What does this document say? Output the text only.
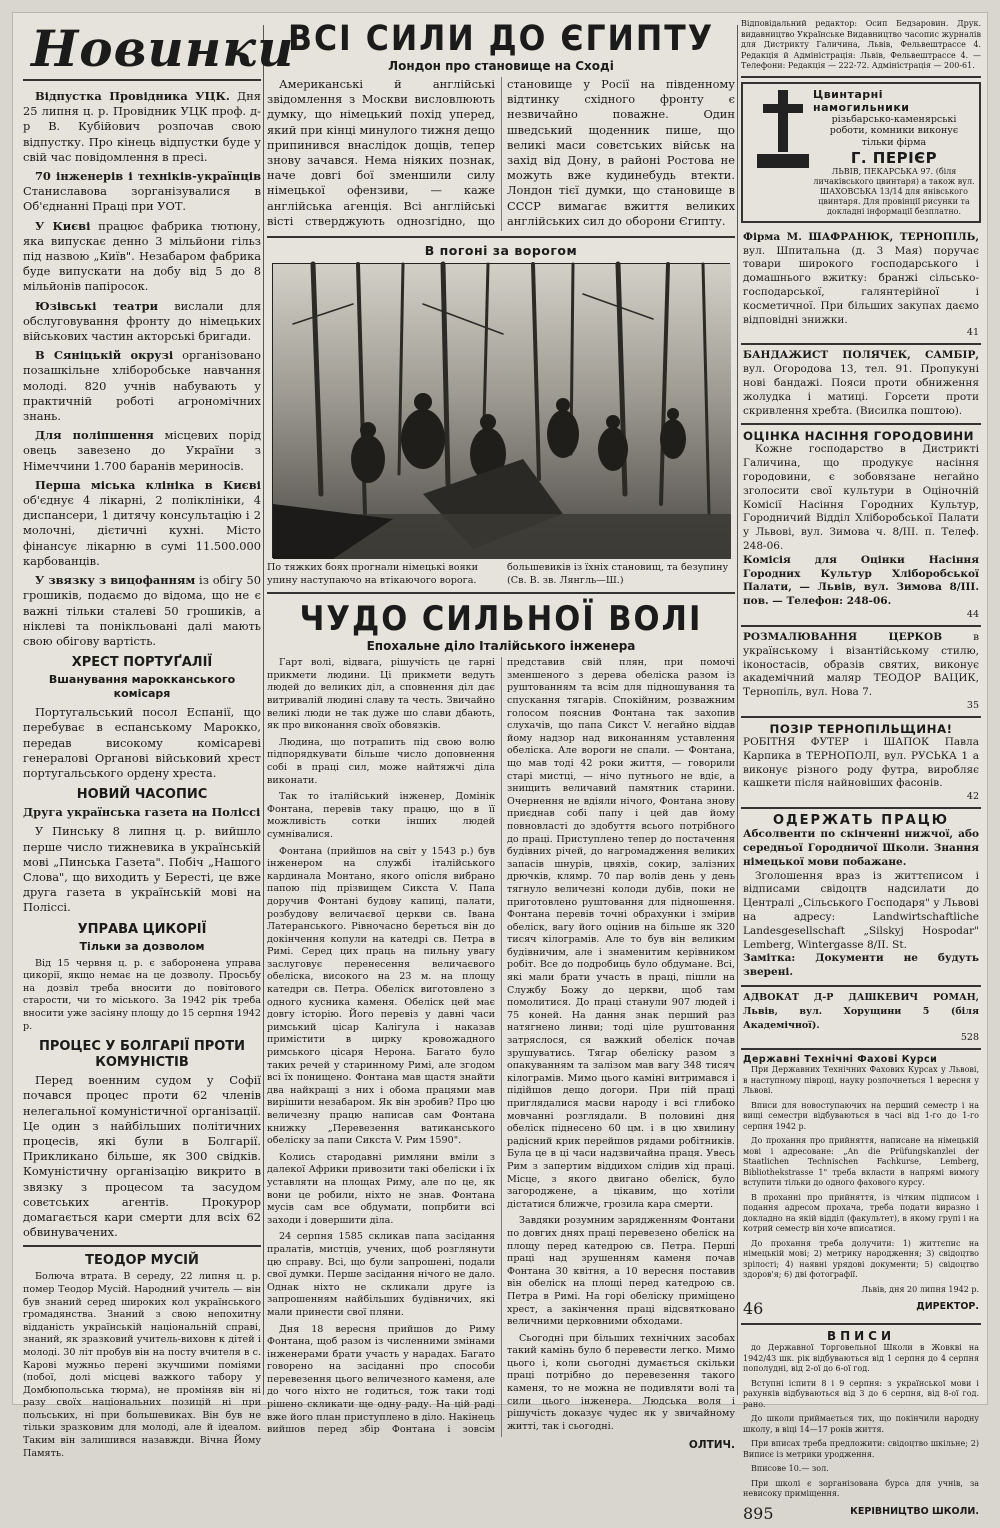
Новинки

Відпустка Провідника УЦК. Дня 25 липня ц. р. Провідник УЦК проф. д-р В. Кубійович розпочав свою відпустку. Про кінець відпустки буде у свій час повідомлення в пресі.

70 інженерів і техніків-українців Станиславова зорганізувалися в Об'єднанні Праці при УОТ.

У Києві працює фабрика тютюну, яка випускає денно 3 мільйони гільз під назвою „Київ". Незабаром фабрика буде випускати на добу від 5 до 8 мільйонів папіросок.

Юзівські театри вислали для обслуговування фронту до німецьких військових частин акторські бригади.

В Сяніцькій окрузі організовано позашкільне хліборобське навчання молоді. 820 учнів набувають у практичній роботі агрономічних знань.

Для поліпшення місцевих порід овець завезено до України з Німеччини 1.700 баранів мериносів.

Перша міська клініка в Києві об'єднує 4 лікарні, 2 поліклініки, 4 диспансери, 1 дитячу консультацію і 2 молочні, дієтичні кухні. Місто фінансує лікарню в сумі 11.500.000 карбованців.

У звязку з вицофанням із обігу 50 грошиків, подаємо до відома, що не є важні тільки сталеві 50 грошиків, а ніклеві та понікльовані далі мають свою обігову вартість.

ХРЕСТ ПОРТУҐАЛІЇ
Вшанування марокканського комісаря

Португальський посол Еспанії, що перебуває в еспанському Марокко, передав високому комісареві генералові Органові військовий хрест португальського ордену хреста.

НОВИЙ ЧАСОПИС

Друга українська газета на Поліссі

У Пинську 8 липня ц. р. вийшло перше число тижневика в українській мові „Пинська Газета". Побіч „Нашого Слова", що виходить у Бересті, це вже друга газета в українській мові на Поліссі.

УПРАВА ЦИКОРІЇ
Тільки за дозволом

Від 15 червня ц. р. є заборонена управа цикорії, якщо немає на це дозволу. Просьбу на дозвіл треба вносити до повітового старости, чи то міського. За 1942 рік треба вносити уже засіяну площу до 15 серпня 1942 р.

ПРОЦЕС У БОЛГАРІЇ ПРОТИ КОМУНІСТІВ

Перед военним судом у Софії почався процес проти 62 членів нелегальної комуністичної організації. Це один з найбільших політичних процесів, які були в Болгарії. Прикликано більше, як 300 свідків. Комуністичну організацію викрито в звязку з процесом та засудом совєтських агентів. Прокурор домагається кари смерти для всіх 62 обвинувачених.

ТЕОДОР МУСІЙ

Болюча втрата. В середу, 22 липня ц. р. помер Теодор Мусій. Народний учитель — він був знаний серед широких кол українського громадянства. Знаний з свою непохитну відданість українській національній справі, знаний, як зразковий учитель-виховн к дітей і молоді. 30 літ пробув він на посту вчителя в с. Карові мужньо перені зкучшими поміями (побої, долі місцеві важкого табору у Домбюпольська тюрма), не проміняв він ні разу своїх національних позицій ні при польських, ні при большевиках. Він був не тільки зразковим для молоді, але й ідеалом. Таким він залишився назавжди. Вічна Йому Память.

ВСІ СИЛИ ДО ЄГИПТУ
Лондон про становище на Сході

Американські й англійські звідомлення з Москви висловлюють думку, що німецький похід уперед, який при кінці минулого тижня дещо припинився внаслідок дощів, тепер знову зачався. Нема ніяких познак, наче довгі бої зменшили силу німецької офензиви, — каже англійська агенція. Всі англійські вісті стверджують однозгідно, що становище у Росії на південному відтинку східного фронту є незвичайно поважне. Один шведський щоденник пише, що великі маси совєтських військ на захід від Дону, в районі Ростова не можуть вже кудинебудь втекти. Лондон тієї думки, що становище в СССР вимагає вжиття великих англійських сил до оборони Єгипту.

В погоні за ворогом
По тяжких боях прогнали німецькі вояки упину наступаючо на втікаючого ворога. большевиків із їхніх становищ, та безупину (Св. В. зв. Лянгль—Ш.)
ЧУДО СИЛЬНОЇ ВОЛІ
Епохальне діло Італійського інженера

Гарт волі, відвага, рішучість це гарні прикмети людини. Ці прикмети ведуть людей до великих діл, а сповнення діл дає витривалій людині славу та честь. Звичайно великі люди не так дуже шо слави дбають, як про виконання своїх обовязків.

Людина, що потрапить під свою волю підпорядкувати більше число доповнення собі в праці сил, може найтяжчі діла виконати.

Так то італійський інженер, Домінік Фонтана, перевів таку працю, що в її можливість сотки інших людей сумнівалися.

Фонтана (прийшов на світ у 1543 р.) був інженером на службі італійського кардинала Монтано, якого опісля вибрано папою під прізвищем Сикста V. Папа доручив Фонтані будову капиці, палати, розбудову величаєвої церкви св. Івана Латеранського. Рівночасно береться він до докінчення копули на катедрі св. Петра в Римі. Серед цих праць на пильну увагу заслуговує перенесення величаєвого обеліска, високого на 23 м. на площу катедри св. Петра. Обеліск виготовлено з одного кусника каменя. Обеліск цей має довгу історію. Його перевіз у давні часи римський цісар Калігула і наказав примістити в цирку кровожадного римського цісаря Нерона. Багато було таких речей у старинному Римі, але згодом всі їх понищено. Фонтана мав щастя знайти два найкращі з них і обома працями мав вирішити незабаром. Як він зробив? Про цю величезну працю написав сам Фонтана книжку „Перевезення ватиканського обеліску за папи Сикста V. Рим 1590".

Колись стародавні римляни вміли з далекої Африки привозити такі обеліски і їх уставляти на площах Риму, але по це, як вони це робили, ніхто не знав. Фонтана мусів сам все обдумати, попрбити всі заходи і довершити діла.

24 серпня 1585 скликав папа засідання пралатів, мистців, учених, щоб розглянути цю справу. Всі, що були запрошені, подали свої думки. Перше засідання нічого не дало. Однак ніхто не скликали друге із запрошенням найбільших будівничих, які мали принести свої пляни.

Дня 18 вересня прийшов до Риму Фонтана, щоб разом із численними змінами інженерами брати участь у нарадах. Багато говорено на засіданні про способи перевезення цього величезного каменя, але до чого ніхто не годиться, тож таки тоді рішено скликати ще одну раду. На цій раді вже його план приступлено в ділo. Накінець вийшов перед збір Фонтана і зовсім представив свій плян, при помочі зменшеного з дерева обеліска разом із руштованням та всім для підношування та спускання тягарів. Спокійним, розважним голосом пояснив Фонтана так захопив слухачів, що папа Сикст V. негайно віддав йому надзор над виконанням уставлення обеліска. Але вороги не спали. — Фонтана, що мав тоді 42 роки життя, — говорили старі мистці, — нічо путнього не вдіє, а знищить величавий памятник старини. Очернення не вдіяли нічого, Фонтана знову приєднав собі папу і цей дав йому повновласті до здобуття всього потрібного до праці. Приступлено тепер до постачення будівних річей, до нагромадження великих запасів шнурів, цвяхів, сокир, залізних дрючків, клямр. 70 пар волів день у день тягнуло величезні колоди дубів, поки не приготовлено руштовання для підношення. Фонтана перевів точні обрахунки і змірив обеліск, вагу його оцінив на більше як 320 тисяч кілограмів. Але то був він великим будівничим, але і знаменитим керівником робіт. Все до подробиць було обдумане. Всі, які мали брати участь в праці, пішли на Службу Божу до церкви, щоб там помолитися. До праці станули 907 людей і 75 коней. На дання знак перший раз натягнено линви; тоді ціле руштовання затряслося, ся важкий обеліск почав зрушуватись. Тягар обеліску разом з опакуванням та залізом мав вагу 348 тисяч кілограмів. Мимо цього каміні витримався і підійшов дещо догори. При пій праці приглядалися масви народу і всі глибоко мовчанні розглядали. В половині дня обеліск піднесено 60 цм. і в цю хвилину радісний крик перейшов рядами робітників. Була це в ці часи надзвичайна праця. Увесь Рим з запертим віддихом слідив хід праці. Місце, з якого двигано обеліск, було загороджене, а цікавим, що хотіли дістатися ближче, грозила кара смерти.

Завдяки розумним зарядженням Фонтани по довгих днях праці перевезено обеліск на площу перед катедрою св. Петра. Перші праці над зрушенням каменя почав Фонтана 30 квітня, а 10 вересня поставив він обеліск на площі перед катедрою св. Петра в Римі. На горі обеліску приміщено хрест, а закінчення праці відсвятковано величними церковними обходами.

Сьогодні при більших технічних засобах такий камінь було б перевести легко. Мимо цього і, коли сьогодні думається скільки праці потрібно до перевезення такого каменя, то не можна не подивляти волі та сили цього інженера. Людська воля і рішучість доказує чудес як у звичайному житті, так і сьогодні.

ОЛТИЧ.

Відповідальний редактор: Осип Бедзаровин. Друк. видавництво Українське Видавництво часопис журналів для Дистрикту Галичина, Львів, Фельвештрассе 4. Редакція й Адміністрація: Львів, Фельвештрассе 4. — Телефони: Редакція — 222-72. Адміністрація — 200-61.

Цвинтарні намогильники
різьбарсько-каменярські роботи, комники виконує тільки фірма
Г. ПЕРІЄР
ЛЬВІВ, ПЕКАРСЬКА 97. (біля личаківського цвинтаря) а також вул. ШАХОВСЬКА 13/14 для янівського цвинтаря. Для провінції рисунки та докладні інформації безплатно.

Фірма М. ШАФРАНЮК, ТЕРНОПІЛЬ, вул. Шпитальна (д. 3 Мая) поручає товари широкого господарського і домашнього вжитку: бранжі сільсько-господарської, галянтерійної і косметичної. При більших закупах даємо відповідні знижки.

41

БАНДАЖИСТ ПОЛЯЧЕК, САМБІР, вул. Огородова 13, тел. 91. Пропукуні нові бандажі. Пояси проти обниження жолудка і матиці. Горсети проти скривлення хребта. (Висилка поштою).

ОЦІНКА НАСІННЯ ГОРОДОВИНИ

Кожне господарство в Дистрикті Галичина, що продукує насіння городовини, є зобовязане негайно зголосити свої культури в Оціночній Комісії Насіння Городних Культур, Городничий Відділ Хліборобської Палати у Львові, вул. Зимова ч. 8/ІІІ. п. Телеф. 248-06.

Комісія для Оцінки Насіння Городних Культур Хліборобської Палати, — Львів, вул. Зимова 8/ІІІ. пов. — Телефон: 248-06.

44

РОЗМАЛЮВАННЯ ЦЕРКОВ в українському і візантійському стилю, іконостасів, образів святих, виконує академічний маляр ТЕОДОР ВАЦИК, Тернопіль, вул. Нова 7.

35
ПОЗІР ТЕРНОПІЛЬЩИНА!

РОБІТНЯ ФУТЕР і ШАПОК Павла Карпика в ТЕРНОПОЛІ, вул. РУСЬКА 1 а виконує різного роду футра, виробляє кашкети після найновіших фасонів.

42
ОДЕРЖАТЬ ПРАЦЮ

Абсолвенти по скінченні нижчої, або середньої Городничої Школи. Знання німецької мови побажане.

Зголошення враз із життєписом і відписами свідоцтв надсилати до Централі „Сільського Господаря" у Львові на адресу: Landwirtschaftliche Landesgesellschaft „Silskyj Hospodar" Lemberg, Wintergasse 8/II. St.

Замітка: Документи не будуть зверені.

АДВОКАТ Д-Р ДАШКЕВИЧ РОМАН, Львів, вул. Хорущини 5 (біля Академічної).

528
Державні Технічні Фахові Курси

При Державних Технічних Фахових Курсах у Львові, в наступному півроці, науку розпочнеться 1 вересня у Львові.

Вписи для новоступаючих на перший семестр і на вищі семестри відбуваються в часі від 1-го до 1-го серпня 1942 р.

До прохання про прийняття, написане на німецькій мові і адресоване: „An die Prüfungskanzlei der Staatlichen Technischen Fachkurse, Lemberg, Bibliothekstrasse 1" треба вкласти в напрямі вимогу вступити тільки до одного фахового курсу.

В проханні про прийняття, із чітким підписом і подання адресом прохача, треба подати виразно і докладно на якій відділ (факультет), в якому групі і на котрий семестр він хоче вписатися.

До прохання треба долучити: 1) життєпис на німецькій мові; 2) метрику народження; 3) свідоцтво зрілості; 4) наявні урядові документи; 5) свідоцтво здоров'я; 6) дві фотографії.

Львів, дня 20 липня 1942 р.

46	ДИРЕКТОР.
ВПИСИ

до Державної Торговельної Школи в Жовкві на 1942/43 шк. рік відбуваються від 1 серпня до 4 серпня пополудні, від 2-ої до 6-ої год.

Вступні іспити 8 і 9 серпня: з української мови і рахунків відбуваються від 3 до 6 серпня, від 8-ої год. рано.

До школи приймається тих, що покінчили народну школу, в віці 14—17 років життя.

При вписах треба предложити: свідоцтво шкільне; 2) Виписє із метрики уродження.

Вписове 10.— зол.

При школі є зорганізована бурса для учнів, за невисоку приміщення.

895	КЕРІВНИЦТВО ШКОЛИ.
